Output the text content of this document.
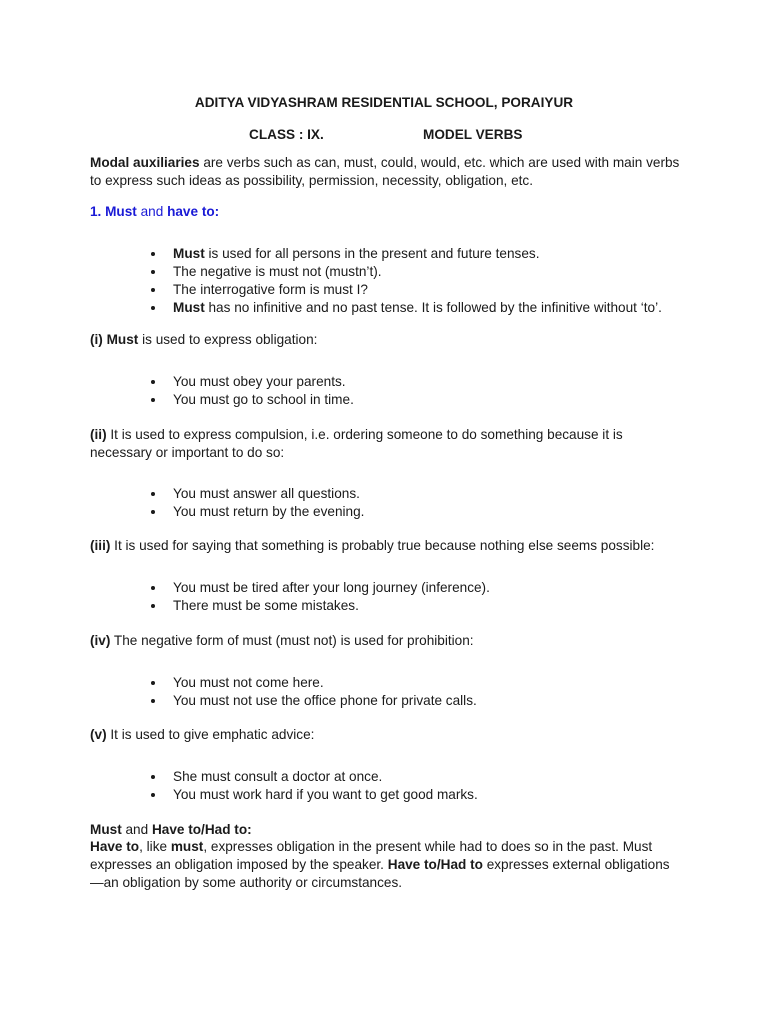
ADITYA VIDYASHRAM RESIDENTIAL SCHOOL, PORAIYUR
CLASS : IX.	MODEL VERBS
Modal auxiliaries are verbs such as can, must, could, would, etc. which are used with main verbs to express such ideas as possibility, permission, necessity, obligation, etc.
1. Must and have to:
Must is used for all persons in the present and future tenses.
The negative is must not (mustn’t).
The interrogative form is must I?
Must has no infinitive and no past tense. It is followed by the infinitive without ‘to’.
(i) Must is used to express obligation:
You must obey your parents.
You must go to school in time.
(ii) It is used to express compulsion, i.e. ordering someone to do something because it is necessary or important to do so:
You must answer all questions.
You must return by the evening.
(iii) It is used for saying that something is probably true because nothing else seems possible:
You must be tired after your long journey (inference).
There must be some mistakes.
(iv) The negative form of must (must not) is used for prohibition:
You must not come here.
You must not use the office phone for private calls.
(v) It is used to give emphatic advice:
She must consult a doctor at once.
You must work hard if you want to get good marks.
Must and Have to/Had to:
Have to, like must, expresses obligation in the present while had to does so in the past. Must expresses an obligation imposed by the speaker. Have to/Had to expresses external obligations—an obligation by some authority or circumstances.
